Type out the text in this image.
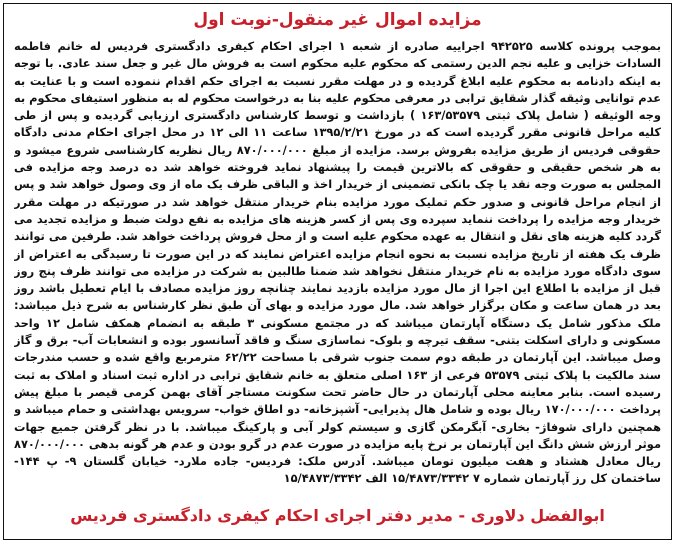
مزایده اموال غیر منقول-نوبت اول
بموجب پرونده کلاسه ۹۴۲۵۲۵ اجراییه صادره از شعبه ۱ اجرای احکام کیفری دادگستری فردیس له خانم فاطمه السادات خزایی و علیه نجم الدین رستمی که محکوم علیه محکوم است به فروش مال غیر و جعل سند عادی. با توجه به اینکه دادنامه به محکوم علیه ابلاغ گردیده و در مهلت مقرر نسبت به اجرای حکم اقدام ننموده است و با عنایت به عدم توانایی وثیقه گذار شقایق ترابی در معرفی محکوم علیه بنا به درخواست محکوم له به منظور استیفای محکوم به وجه الوثیقه ( شامل پلاک ثبتی ۱۶۳/۵۳۵۷۹ ) بازداشت و توسط کارشناس دادگستری ارزیابی گردیده و پس از طی کلیه مراحل قانونی مقرر گردیده است که در مورخ ۱۳۹۵/۲/۲۱ ساعت ۱۱ الی ۱۲ در محل اجرای احکام مدنی دادگاه حقوقی فردیس از طریق مزایده بفروش برسد. مزایده از مبلغ ۸۷۰/۰۰۰/۰۰۰ ریال نظریه کارشناسی شروع میشود و به هر شخص حقیقی و حقوقی که بالاترین قیمت را پیشنهاد نماید فروخته خواهد شد ده درصد وجه مزایده فی المجلس به صورت وجه نقد یا چک بانکی تضمینی از خریدار اخذ و الباقی ظرف یک ماه از وی وصول خواهد شد و پس از انجام مراحل قانونی و صدور حکم تملیک مورد مزایده بنام خریدار منتقل خواهد شد در صورتیکه در مهلت مقرر خریدار وجه مزایده را پرداخت ننماید سپرده وی پس از کسر هزینه های مزایده به نفع دولت ضبط و مزایده تجدید می گردد کلیه هزینه های نقل و انتقال به عهده محکوم علیه است و از محل فروش پرداخت خواهد شد. طرفین می توانند ظرف یک هفته از تاریخ مزایده نسبت به نحوه انجام مزایده اعتراض نمایند که در این صورت تا رسیدگی به اعتراض از سوی دادگاه مورد مزایده به نام خریدار منتقل نخواهد شد ضمنا طالبین به شرکت در مزایده می توانند ظرف پنج روز قبل از مزایده با اطلاع این اجرا از مال مورد مزایده بازدید نمایند چنانچه روز مزایده مصادف با ایام تعطیل باشد روز بعد در همان ساعت و مکان برگزار خواهد شد. مال مورد مزایده و بهای آن طبق نظر کارشناس به شرح ذیل میباشد: ملک مذکور شامل یک دستگاه آپارتمان میباشد که در مجتمع مسکونی ۳ طبقه به انضمام همکف شامل ۱۲ واحد مسکونی و دارای اسکلت بتنی- سقف تیرچه و بلوک- نماسازی سنگ و فاقد آسانسور بوده و انشعابات آب- برق و گاز وصل میباشد. این آپارتمان در طبقه دوم سمت جنوب شرقی با مساحت ۶۲/۲۲ مترمربع واقع شده و حسب مندرجات سند مالکیت با پلاک ثبتی ۵۳۵۷۹ فرعی از ۱۶۳ اصلی متعلق به خانم شقایق ترابی در اداره ثبت اسناد و املاک به ثبت رسیده است. بنابر معاینه محلی آپارتمان در حال حاضر تحت سکونت مستاجر آقای بهمن کرمی قیصر با مبلغ پیش پرداخت ۱۷۰/۰۰۰/۰۰۰ ریال بوده و شامل هال پذیرایی- آشپزخانه- دو اطاق خواب- سرویس بهداشتی و حمام میباشد و همچنین دارای شوفاژ- بخاری- آبگرمکن گازی و سیستم کولر آبی و پارکینگ میباشد. با در نظر گرفتن جمیع جهات موثر ارزش شش دانگ این آپارتمان بر نرخ پایه مزایده در صورت عدم در گرو بودن و عدم هر گونه بدهی ۸۷۰/۰۰۰/۰۰۰ ریال معادل هشتاد و هفت میلیون تومان میباشد. آدرس ملک: فردیس- جاده ملارد- خیابان گلستان ۹- پ ۱۴۴- ساختمان کل رز آپارتمان شماره ۷ ۱۵/۴۸۷۳/۳۳۴۲ الف ۱۵/۴۸۷۳/۳۳۴۲
ابوالفضل دلاوری - مدیر دفتر اجرای احکام کیفری دادگستری فردیس
